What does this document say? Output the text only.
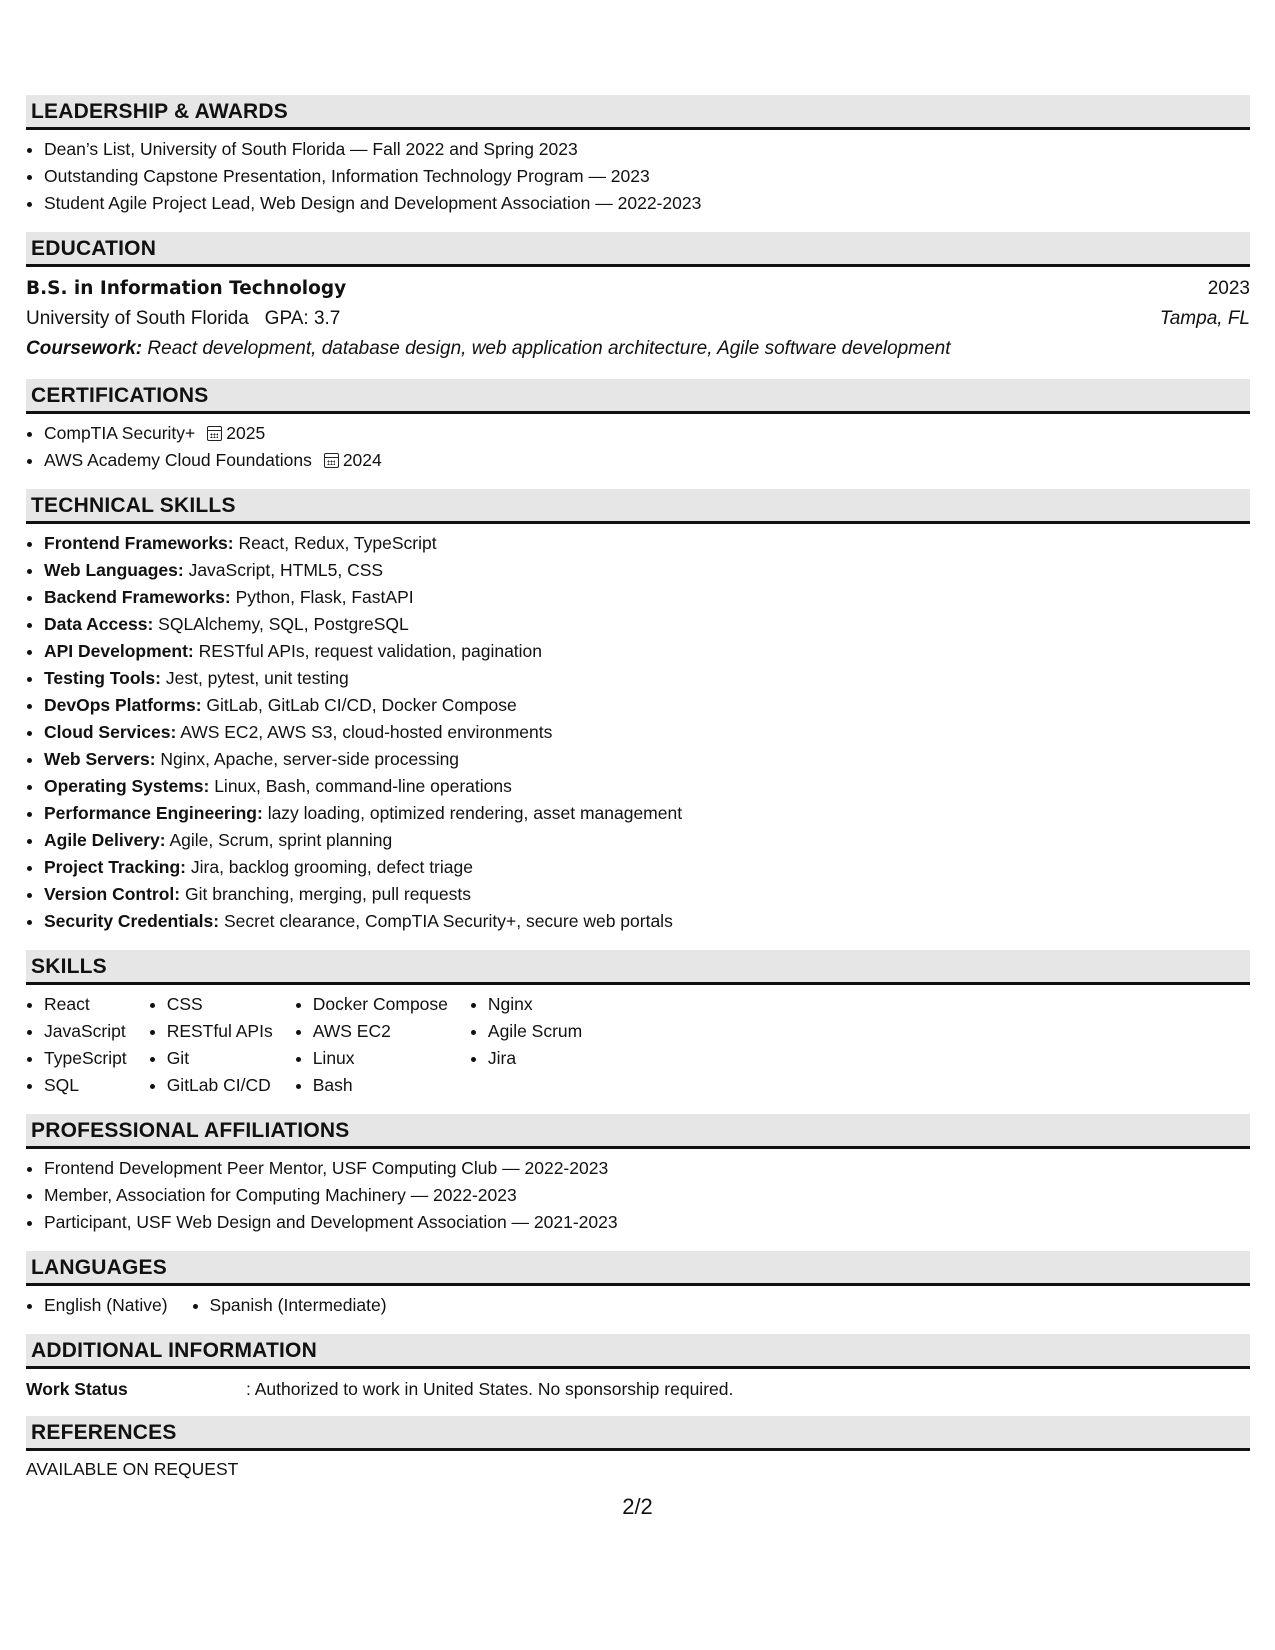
LEADERSHIP & AWARDS
• Dean’s List, University of South Florida — Fall 2022 and Spring 2023
• Outstanding Capstone Presentation, Information Technology Program — 2023
• Student Agile Project Lead, Web Design and Development Association — 2022-2023
EDUCATION
B.S. in Information Technology	2023
University of South Florida GPA: 3.7	Tampa, FL
Coursework: React development, database design, web application architecture, Agile software development
CERTIFICATIONS
• CompTIA Security+ 2025
• AWS Academy Cloud Foundations 2024
TECHNICAL SKILLS
• Frontend Frameworks: React, Redux, TypeScript
• Web Languages: JavaScript, HTML5, CSS
• Backend Frameworks: Python, Flask, FastAPI
• Data Access: SQLAlchemy, SQL, PostgreSQL
• API Development: RESTful APIs, request validation, pagination
• Testing Tools: Jest, pytest, unit testing
• DevOps Platforms: GitLab, GitLab CI/CD, Docker Compose
• Cloud Services: AWS EC2, AWS S3, cloud-hosted environments
• Web Servers: Nginx, Apache, server-side processing
• Operating Systems: Linux, Bash, command-line operations
• Performance Engineering: lazy loading, optimized rendering, asset management
• Agile Delivery: Agile, Scrum, sprint planning
• Project Tracking: Jira, backlog grooming, defect triage
• Version Control: Git branching, merging, pull requests
• Security Credentials: Secret clearance, CompTIA Security+, secure web portals
SKILLS
• React
• JavaScript
• TypeScript
• SQL
• CSS
• RESTful APIs
• Git
• GitLab CI/CD
• Docker Compose
• AWS EC2
• Linux
• Bash
• Nginx
• Agile Scrum
• Jira
PROFESSIONAL AFFILIATIONS
• Frontend Development Peer Mentor, USF Computing Club — 2022-2023
• Member, Association for Computing Machinery — 2022-2023
• Participant, USF Web Design and Development Association — 2021-2023
LANGUAGES
• English (Native)
• Spanish (Intermediate)
ADDITIONAL INFORMATION
Work Status	: Authorized to work in United States. No sponsorship required.
REFERENCES
AVAILABLE ON REQUEST
2/2
